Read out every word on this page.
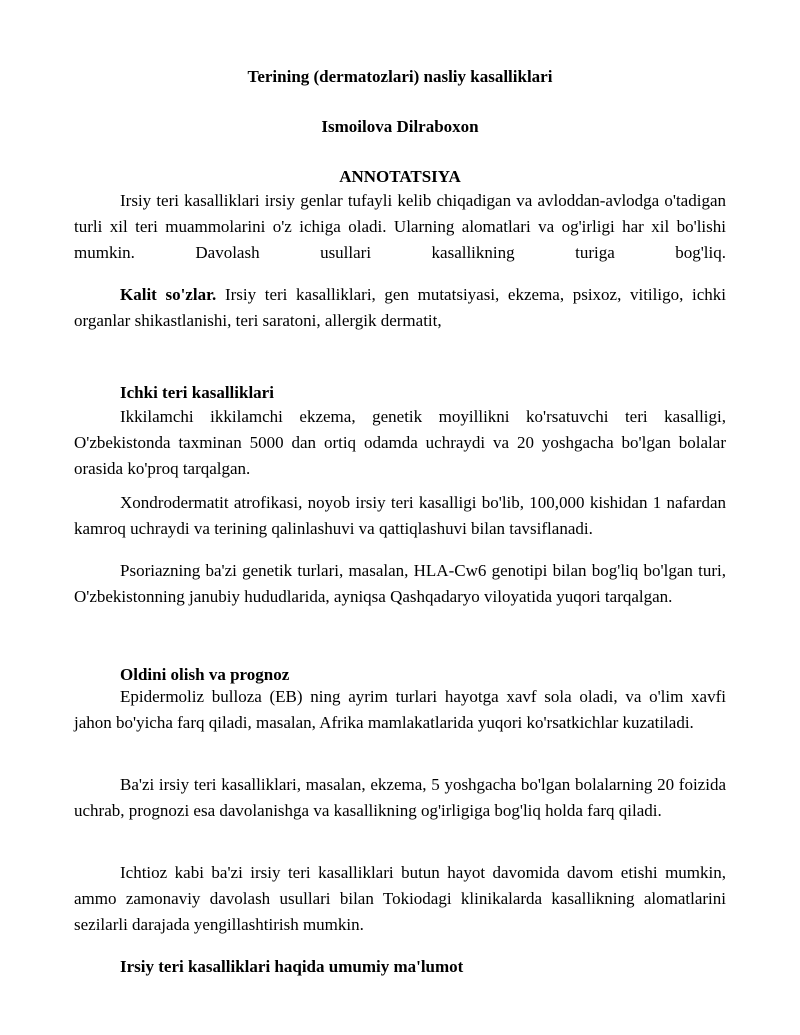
Terining (dermatozlari) nasliy kasalliklari

Ismoilova Dilraboxon

ANNOTATSIYA

Irsiy teri kasalliklari irsiy genlar tufayli kelib chiqadigan va avloddan-avlodga o'tadigan turli xil teri muammolarini o'z ichiga oladi. Ularning alomatlari va og'irligi har xil bo'lishi mumkin. Davolash usullari kasallikning turiga bog'liq.

Kalit so'zlar. Irsiy teri kasalliklari, gen mutatsiyasi, ekzema, psixoz, vitiligo, ichki organlar shikastlanishi, teri saratoni, allergik dermatit,

Ichki teri kasalliklari

Ikkilamchi ikkilamchi ekzema, genetik moyillikni ko'rsatuvchi teri kasalligi, O'zbekistonda taxminan 5000 dan ortiq odamda uchraydi va 20 yoshgacha bo'lgan bolalar orasida ko'proq tarqalgan.

Xondrodermatit atrofikasi, noyob irsiy teri kasalligi bo'lib, 100,000 kishidan 1 nafardan kamroq uchraydi va terining qalinlashuvi va qattiqlashuvi bilan tavsiflanadi.

Psoriazning ba'zi genetik turlari, masalan, HLA-Cw6 genotipi bilan bog'liq bo'lgan turi, O'zbekistonning janubiy hududlarida, ayniqsa Qashqadaryo viloyatida yuqori tarqalgan.

Oldini olish va prognoz

Epidermoliz bulloza (EB) ning ayrim turlari hayotga xavf sola oladi, va o'lim xavfi jahon bo'yicha farq qiladi, masalan, Afrika mamlakatlarida yuqori ko'rsatkichlar kuzatiladi.

Ba'zi irsiy teri kasalliklari, masalan, ekzema, 5 yoshgacha bo'lgan bolalarning 20 foizida uchrab, prognozi esa davolanishga va kasallikning og'irligiga bog'liq holda farq qiladi.

Ichtioz kabi ba'zi irsiy teri kasalliklari butun hayot davomida davom etishi mumkin, ammo zamonaviy davolash usullari bilan Tokiodagi klinikalarda kasallikning alomatlarini sezilarli darajada yengillashtirish mumkin.

Irsiy teri kasalliklari haqida umumiy ma'lumot
